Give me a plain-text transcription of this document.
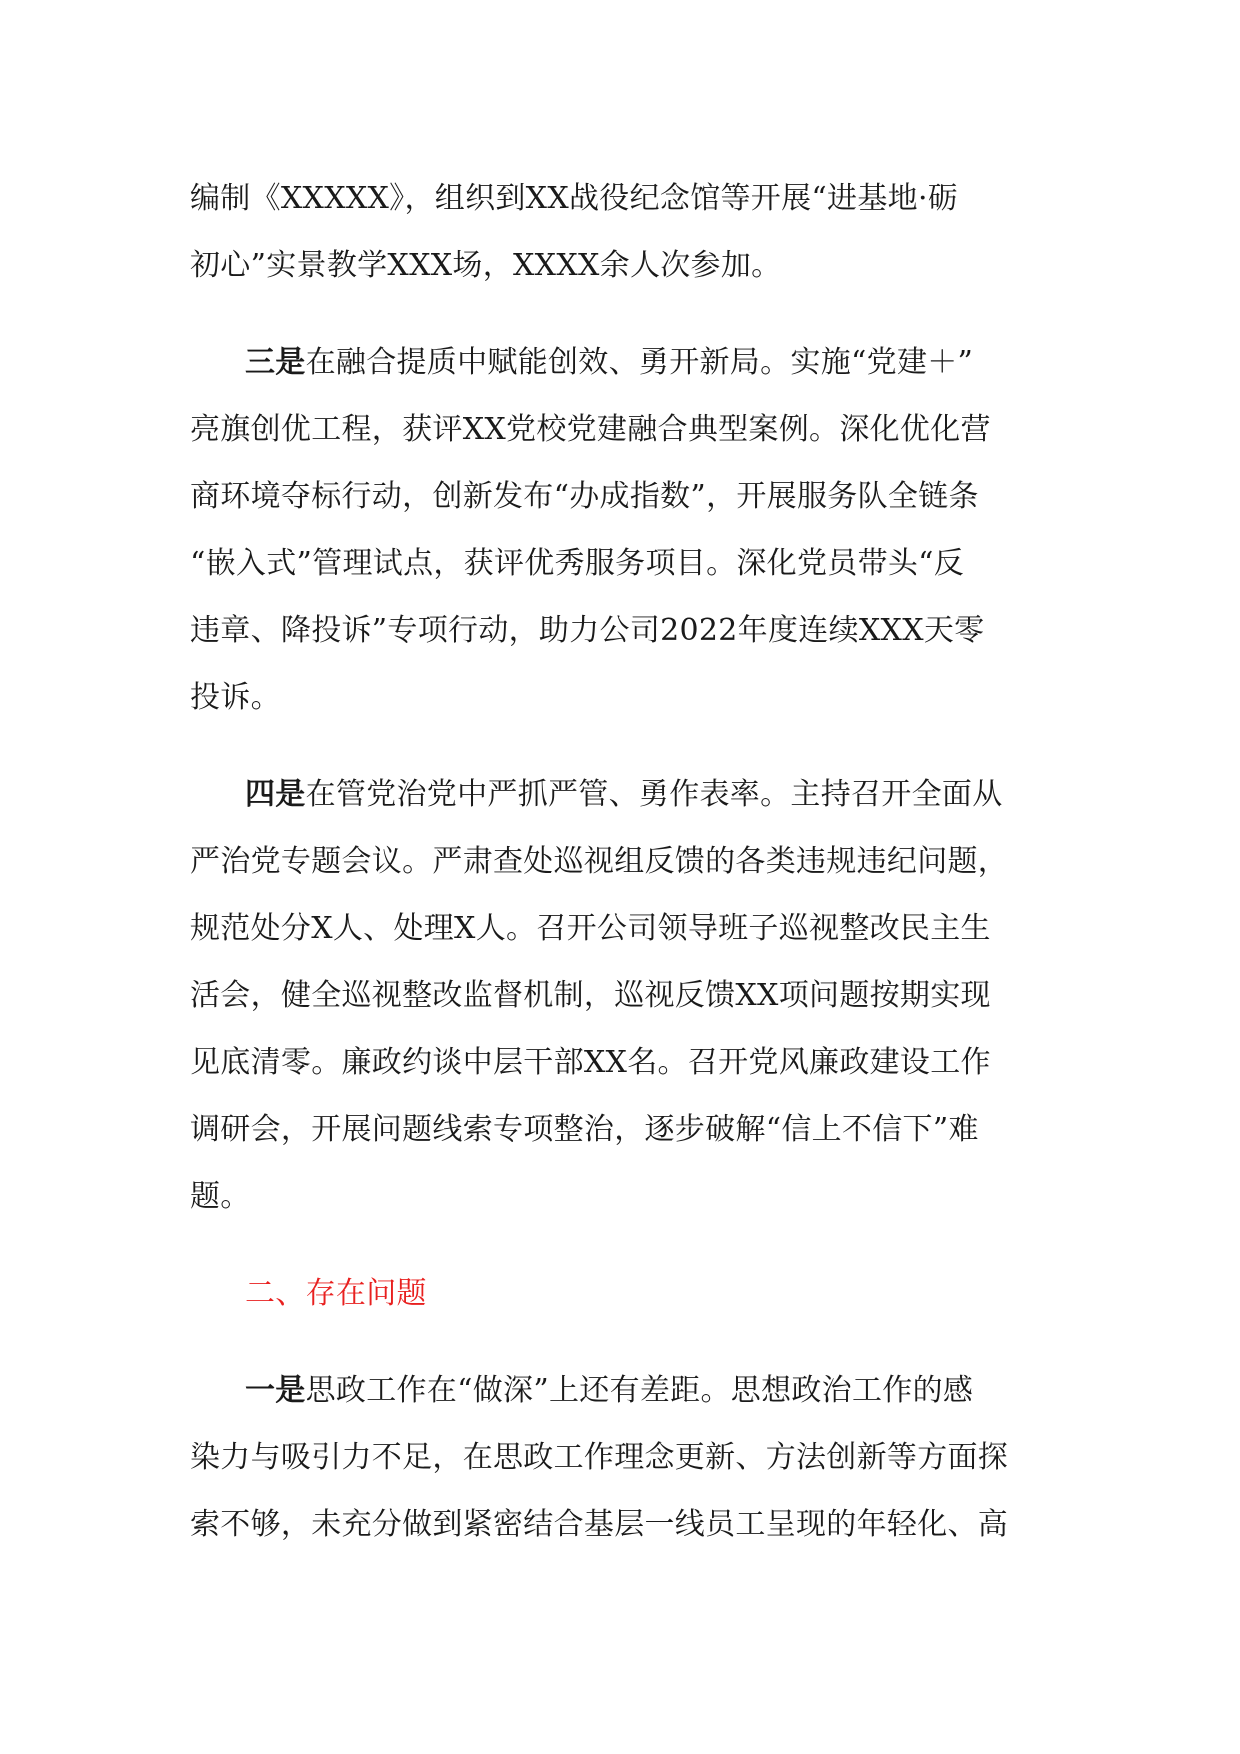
编制《XXXXX》，组织到XX战役纪念馆等开展“进基地·砺
初心”实景教学XXX场，XXXX余人次参加。
三是在融合提质中赋能创效、勇开新局。实施“党建＋”
亮旗创优工程，获评XX党校党建融合典型案例。深化优化营
商环境夺标行动，创新发布“办成指数”，开展服务队全链条
“嵌入式”管理试点，获评优秀服务项目。深化党员带头“反
违章、降投诉”专项行动，助力公司2022年度连续XXX天零
投诉。
四是在管党治党中严抓严管、勇作表率。主持召开全面从
严治党专题会议。严肃查处巡视组反馈的各类违规违纪问题，
规范处分X人、处理X人。召开公司领导班子巡视整改民主生
活会，健全巡视整改监督机制，巡视反馈XX项问题按期实现
见底清零。廉政约谈中层干部XX名。召开党风廉政建设工作
调研会，开展问题线索专项整治，逐步破解“信上不信下”难
题。
二、存在问题
一是思政工作在“做深”上还有差距。思想政治工作的感
染力与吸引力不足，在思政工作理念更新、方法创新等方面探
索不够，未充分做到紧密结合基层一线员工呈现的年轻化、高
